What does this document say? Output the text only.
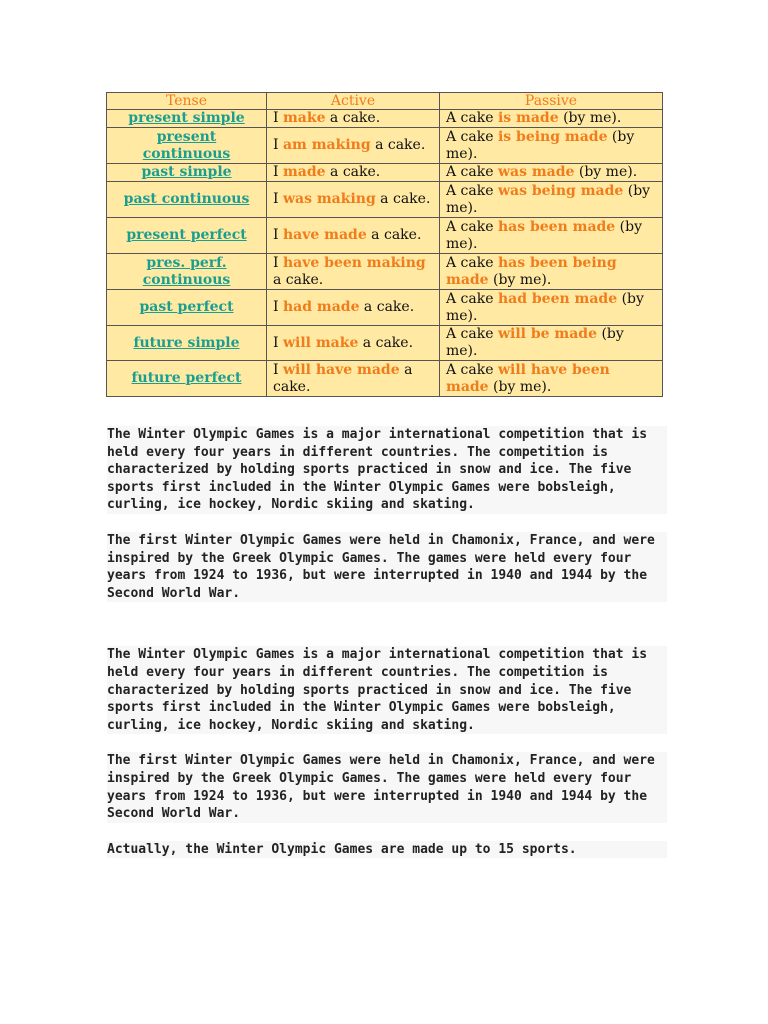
Tense	Active	Passive
present simple	I make a cake.	A cake is made (by me).
present continuous	I am making a cake.	A cake is being made (by me).
past simple	I made a cake.	A cake was made (by me).
past continuous	I was making a cake.	A cake was being made (by me).
present perfect	I have made a cake.	A cake has been made (by me).
pres. perf. continuous	I have been making a cake.	A cake has been being made (by me).
past perfect	I had made a cake.	A cake had been made (by me).
future simple	I will make a cake.	A cake will be made (by me).
future perfect	I will have made a cake.	A cake will have been made (by me).

The Winter Olympic Games is a major international competition that is held every four years in different countries. The competition is characterized by holding sports practiced in snow and ice. The five sports first included in the Winter Olympic Games were bobsleigh, curling, ice hockey, Nordic skiing and skating.

The first Winter Olympic Games were held in Chamonix, France, and were inspired by the Greek Olympic Games. The games were held every four years from 1924 to 1936, but were interrupted in 1940 and 1944 by the Second World War.

The Winter Olympic Games is a major international competition that is held every four years in different countries. The competition is characterized by holding sports practiced in snow and ice. The five sports first included in the Winter Olympic Games were bobsleigh, curling, ice hockey, Nordic skiing and skating.

The first Winter Olympic Games were held in Chamonix, France, and were inspired by the Greek Olympic Games. The games were held every four years from 1924 to 1936, but were interrupted in 1940 and 1944 by the Second World War.

Actually, the Winter Olympic Games are made up to 15 sports.
